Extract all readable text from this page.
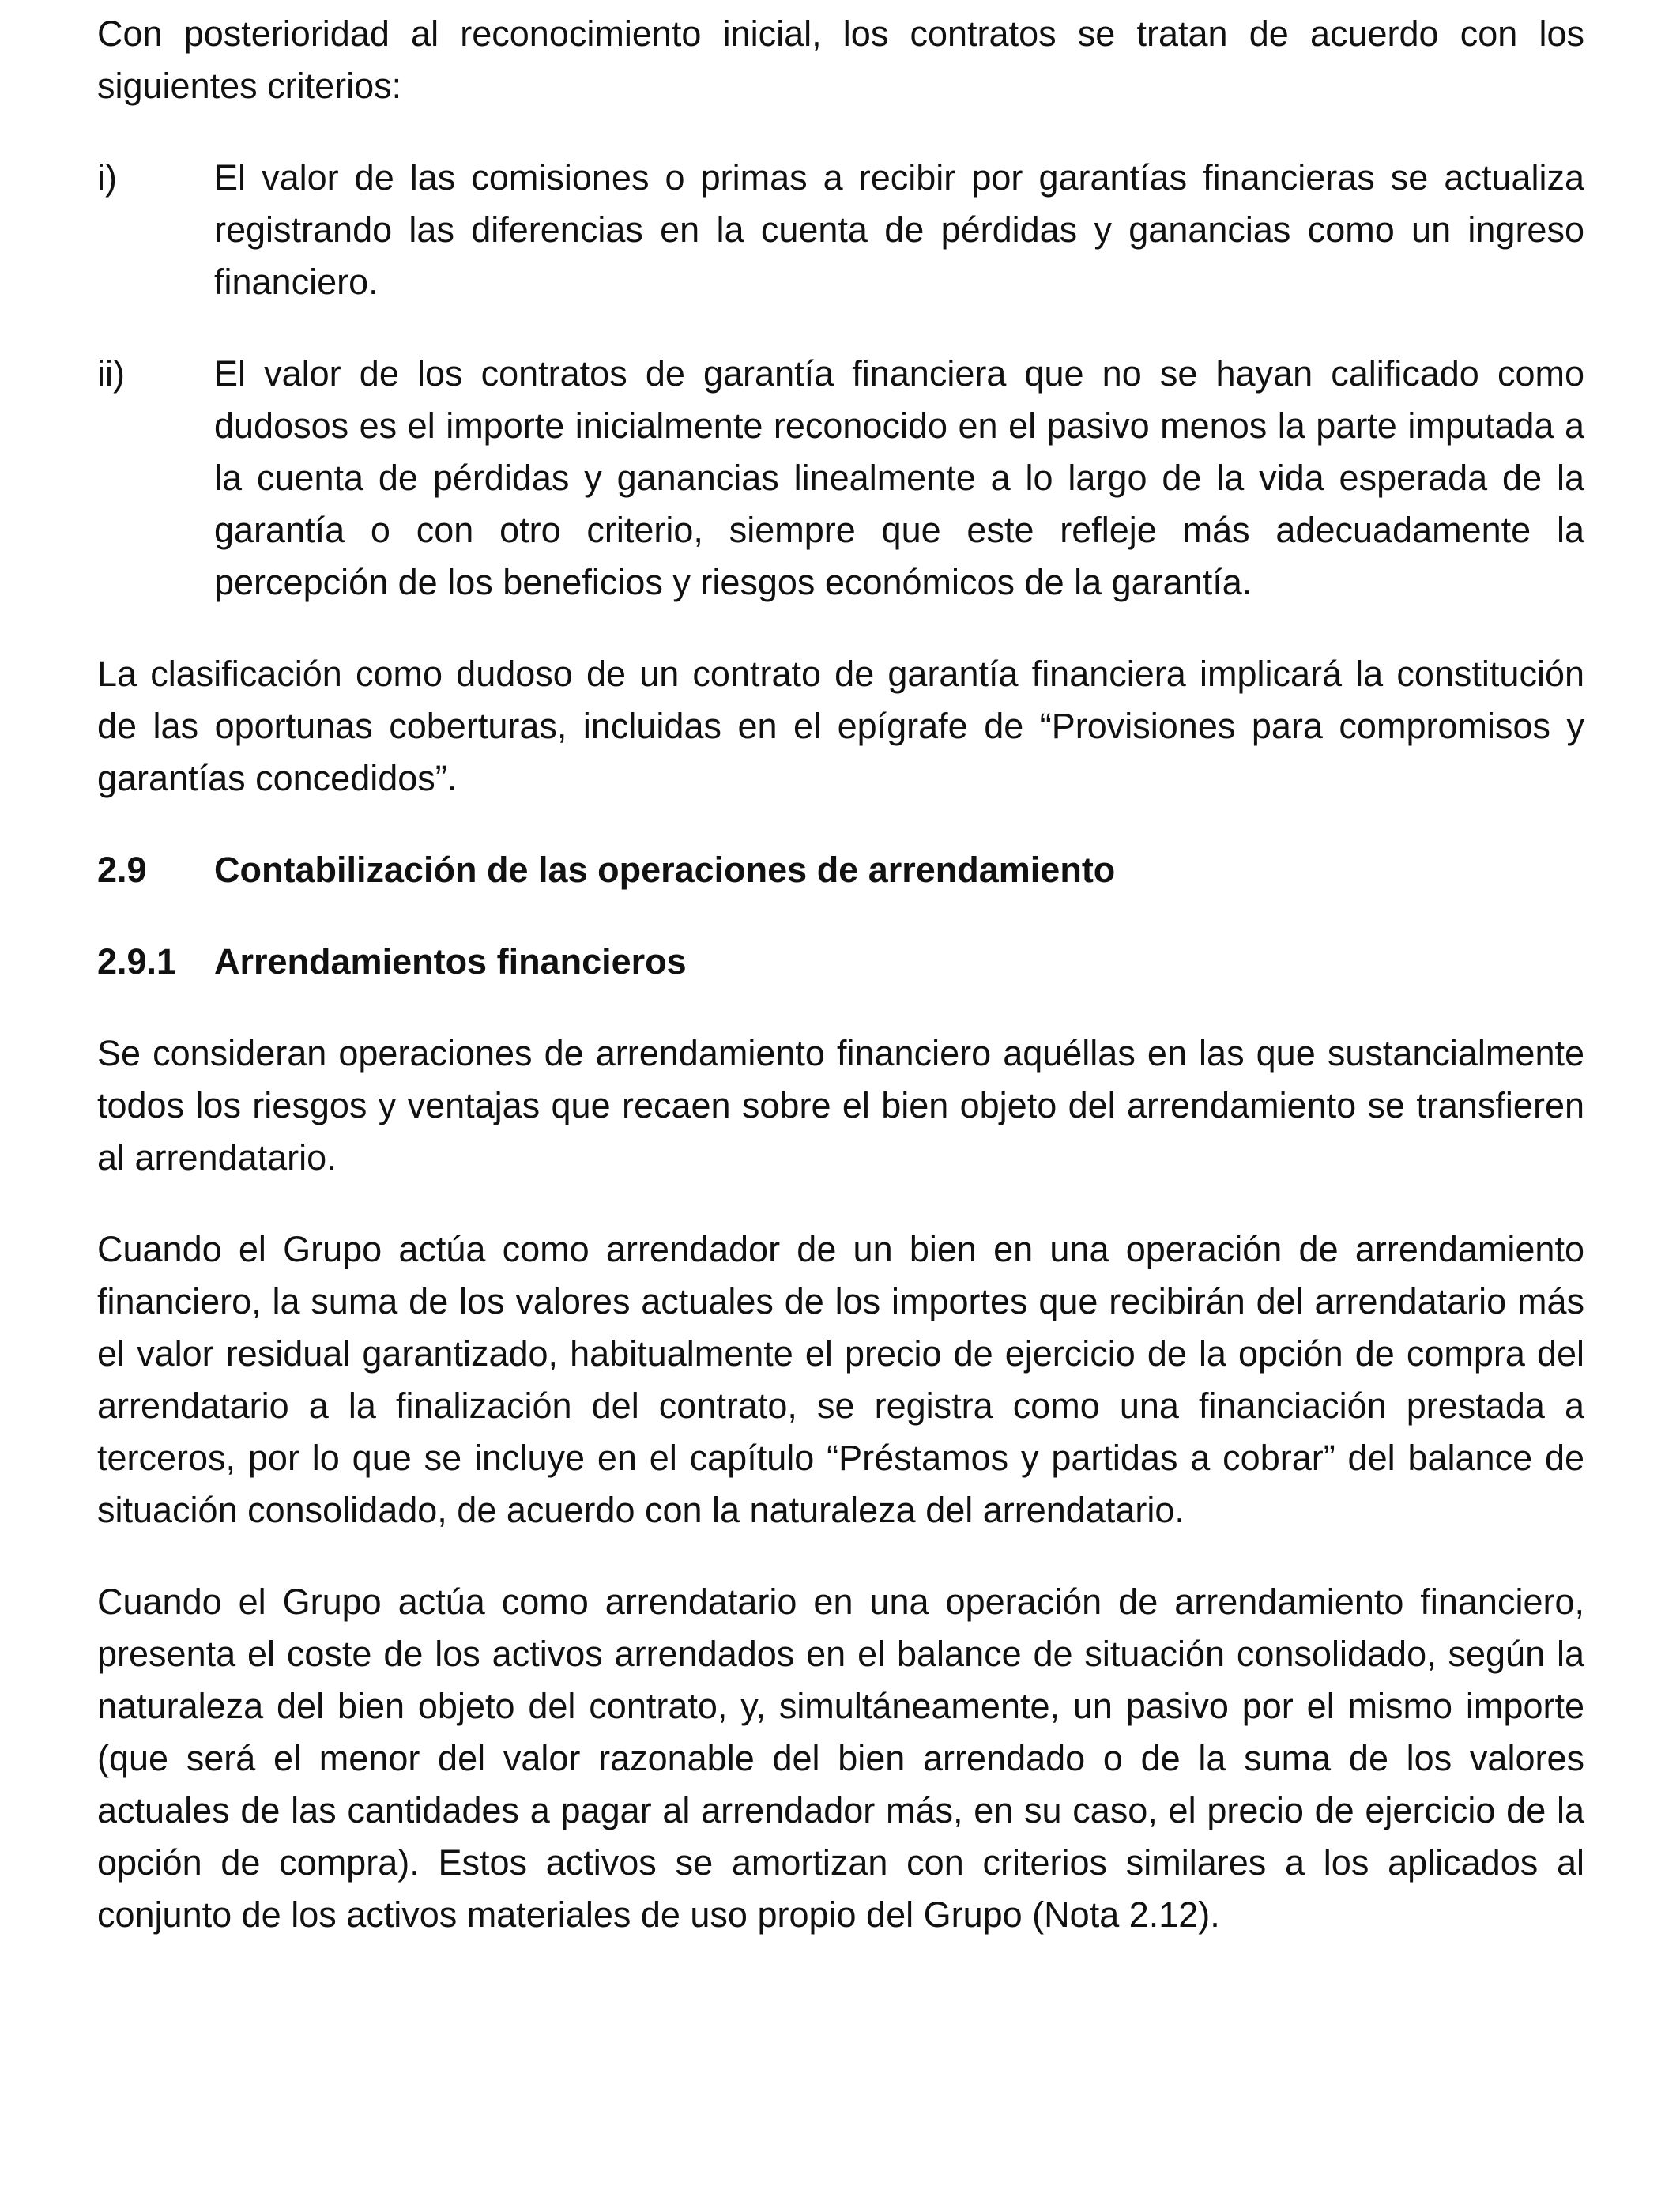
Con posterioridad al reconocimiento inicial, los contratos se tratan de acuerdo con los siguientes criterios:

i)	El valor de las comisiones o primas a recibir por garantías financieras se actualiza registrando las diferencias en la cuenta de pérdidas y ganancias como un ingreso financiero.

ii)	El valor de los contratos de garantía financiera que no se hayan calificado como dudosos es el importe inicialmente reconocido en el pasivo menos la parte imputada a la cuenta de pérdidas y ganancias linealmente a lo largo de la vida esperada de la garantía o con otro criterio, siempre que este refleje más adecuadamente la percepción de los beneficios y riesgos económicos de la garantía.

La clasificación como dudoso de un contrato de garantía financiera implicará la constitución de las oportunas coberturas, incluidas en el epígrafe de “Provisiones para compromisos y garantías concedidos”.

2.9	Contabilización de las operaciones de arrendamiento
2.9.1	Arrendamientos financieros

Se consideran operaciones de arrendamiento financiero aquéllas en las que sustancialmente todos los riesgos y ventajas que recaen sobre el bien objeto del arrendamiento se transfieren al arrendatario.

Cuando el Grupo actúa como arrendador de un bien en una operación de arrendamiento financiero, la suma de los valores actuales de los importes que recibirán del arrendatario más el valor residual garantizado, habitualmente el precio de ejercicio de la opción de compra del arrendatario a la finalización del contrato, se registra como una financiación prestada a terceros, por lo que se incluye en el capítulo “Préstamos y partidas a cobrar” del balance de situación consolidado, de acuerdo con la naturaleza del arrendatario.

Cuando el Grupo actúa como arrendatario en una operación de arrendamiento financiero, presenta el coste de los activos arrendados en el balance de situación consolidado, según la naturaleza del bien objeto del contrato, y, simultáneamente, un pasivo por el mismo importe (que será el menor del valor razonable del bien arrendado o de la suma de los valores actuales de las cantidades a pagar al arrendador más, en su caso, el precio de ejercicio de la opción de compra). Estos activos se amortizan con criterios similares a los aplicados al conjunto de los activos materiales de uso propio del Grupo (Nota 2.12).
